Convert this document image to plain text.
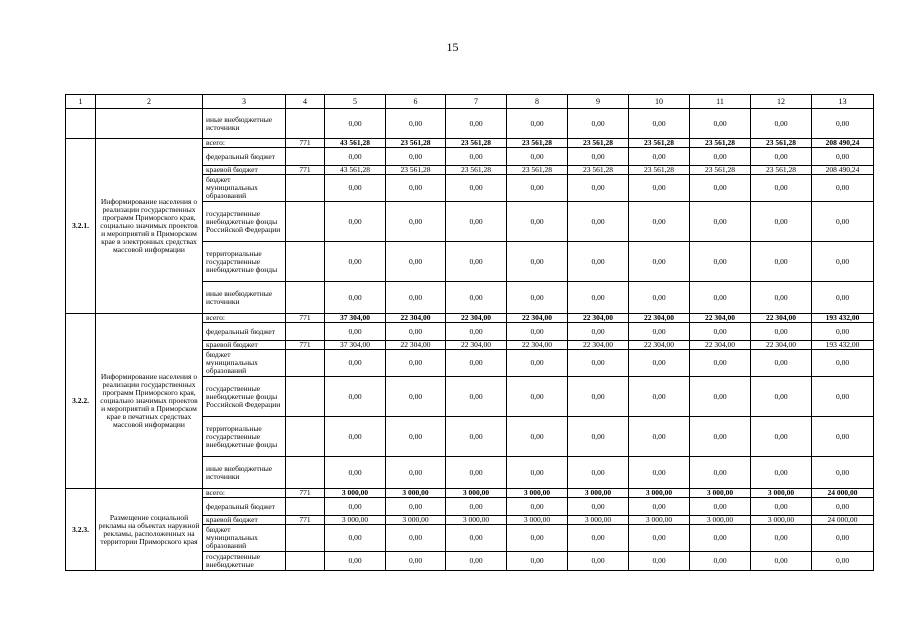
15
1	2	3	4	5	6	7	8	9	10	11	12	13
		иные внебюджетные источники		0,00	0,00	0,00	0,00	0,00	0,00	0,00	0,00	0,00
3.2.1.	Информирование населения о реализации государственных программ Приморского края, социально значимых проектов и мероприятий в Приморском крае в электронных средствах массовой информации	всего:	771	43 561,28	23 561,28	23 561,28	23 561,28	23 561,28	23 561,28	23 561,28	23 561,28	208 490,24
		федеральный бюджет		0,00	0,00	0,00	0,00	0,00	0,00	0,00	0,00	0,00
		краевой бюджет	771	43 561,28	23 561,28	23 561,28	23 561,28	23 561,28	23 561,28	23 561,28	23 561,28	208 490,24
		бюджет муниципальных образований		0,00	0,00	0,00	0,00	0,00	0,00	0,00	0,00	0,00
		государственные внебюджетные фонды Российской Федерации		0,00	0,00	0,00	0,00	0,00	0,00	0,00	0,00	0,00
		территориальные государственные внебюджетные фонды		0,00	0,00	0,00	0,00	0,00	0,00	0,00	0,00	0,00
		иные внебюджетные источники		0,00	0,00	0,00	0,00	0,00	0,00	0,00	0,00	0,00
3.2.2.	Информирование населения о реализации государственных программ Приморского края, социально значимых проектов и мероприятий в Приморском крае в печатных средствах массовой информации	всего:	771	37 304,00	22 304,00	22 304,00	22 304,00	22 304,00	22 304,00	22 304,00	22 304,00	193 432,00
		федеральный бюджет		0,00	0,00	0,00	0,00	0,00	0,00	0,00	0,00	0,00
		краевой бюджет	771	37 304,00	22 304,00	22 304,00	22 304,00	22 304,00	22 304,00	22 304,00	22 304,00	193 432,00
		бюджет муниципальных образований		0,00	0,00	0,00	0,00	0,00	0,00	0,00	0,00	0,00
		государственные внебюджетные фонды Российской Федерации		0,00	0,00	0,00	0,00	0,00	0,00	0,00	0,00	0,00
		территориальные государственные внебюджетные фонды		0,00	0,00	0,00	0,00	0,00	0,00	0,00	0,00	0,00
		иные внебюджетные источники		0,00	0,00	0,00	0,00	0,00	0,00	0,00	0,00	0,00
3.2.3.	Размещение социальной рекламы на объектах наружной рекламы, расположенных на территории Приморского края	всего:	771	3 000,00	3 000,00	3 000,00	3 000,00	3 000,00	3 000,00	3 000,00	3 000,00	24 000,00
		федеральный бюджет		0,00	0,00	0,00	0,00	0,00	0,00	0,00	0,00	0,00
		краевой бюджет	771	3 000,00	3 000,00	3 000,00	3 000,00	3 000,00	3 000,00	3 000,00	3 000,00	24 000,00
		бюджет муниципальных образований		0,00	0,00	0,00	0,00	0,00	0,00	0,00	0,00	0,00
		государственные внебюджетные		0,00	0,00	0,00	0,00	0,00	0,00	0,00	0,00	0,00
